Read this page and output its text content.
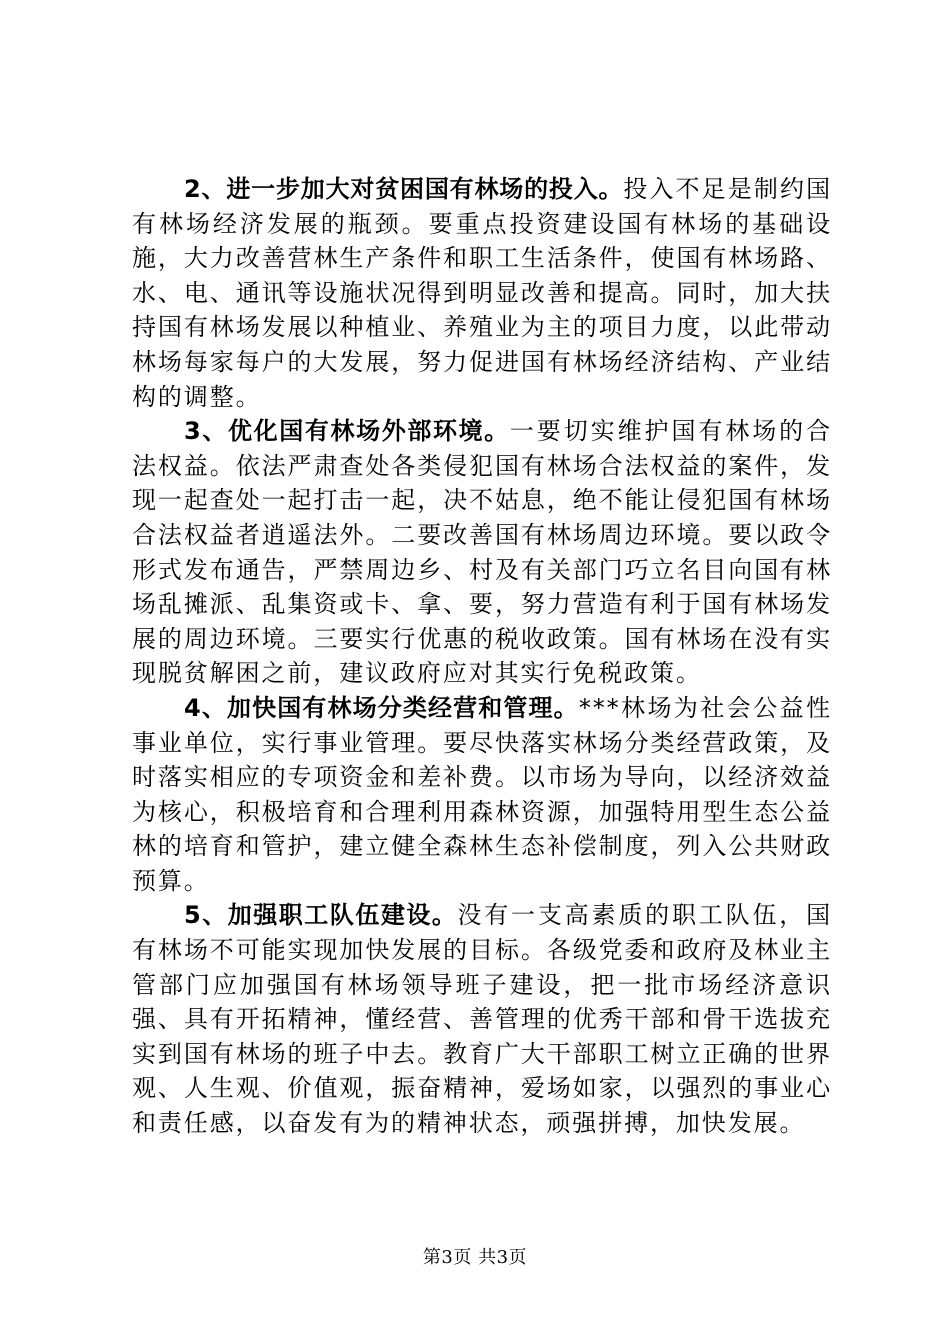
2、进一步加大对贫困国有林场的投入。投入不足是制约国有林场经济发展的瓶颈。要重点投资建设国有林场的基础设施，大力改善营林生产条件和职工生活条件，使国有林场路、水、电、通讯等设施状况得到明显改善和提高。同时，加大扶持国有林场发展以种植业、养殖业为主的项目力度，以此带动林场每家每户的大发展，努力促进国有林场经济结构、产业结构的调整。

3、优化国有林场外部环境。一要切实维护国有林场的合法权益。依法严肃查处各类侵犯国有林场合法权益的案件，发现一起查处一起打击一起，决不姑息，绝不能让侵犯国有林场合法权益者逍遥法外。二要改善国有林场周边环境。要以政令形式发布通告，严禁周边乡、村及有关部门巧立名目向国有林场乱摊派、乱集资或卡、拿、要，努力营造有利于国有林场发展的周边环境。三要实行优惠的税收政策。国有林场在没有实现脱贫解困之前，建议政府应对其实行免税政策。

4、加快国有林场分类经营和管理。***林场为社会公益性事业单位，实行事业管理。要尽快落实林场分类经营政策，及时落实相应的专项资金和差补费。以市场为导向，以经济效益为核心，积极培育和合理利用森林资源，加强特用型生态公益林的培育和管护，建立健全森林生态补偿制度，列入公共财政预算。

5、加强职工队伍建设。没有一支高素质的职工队伍，国有林场不可能实现加快发展的目标。各级党委和政府及林业主管部门应加强国有林场领导班子建设，把一批市场经济意识强、具有开拓精神，懂经营、善管理的优秀干部和骨干选拔充实到国有林场的班子中去。教育广大干部职工树立正确的世界观、人生观、价值观，振奋精神，爱场如家，以强烈的事业心和责任感，以奋发有为的精神状态，顽强拼搏，加快发展。

第3页 共3页
